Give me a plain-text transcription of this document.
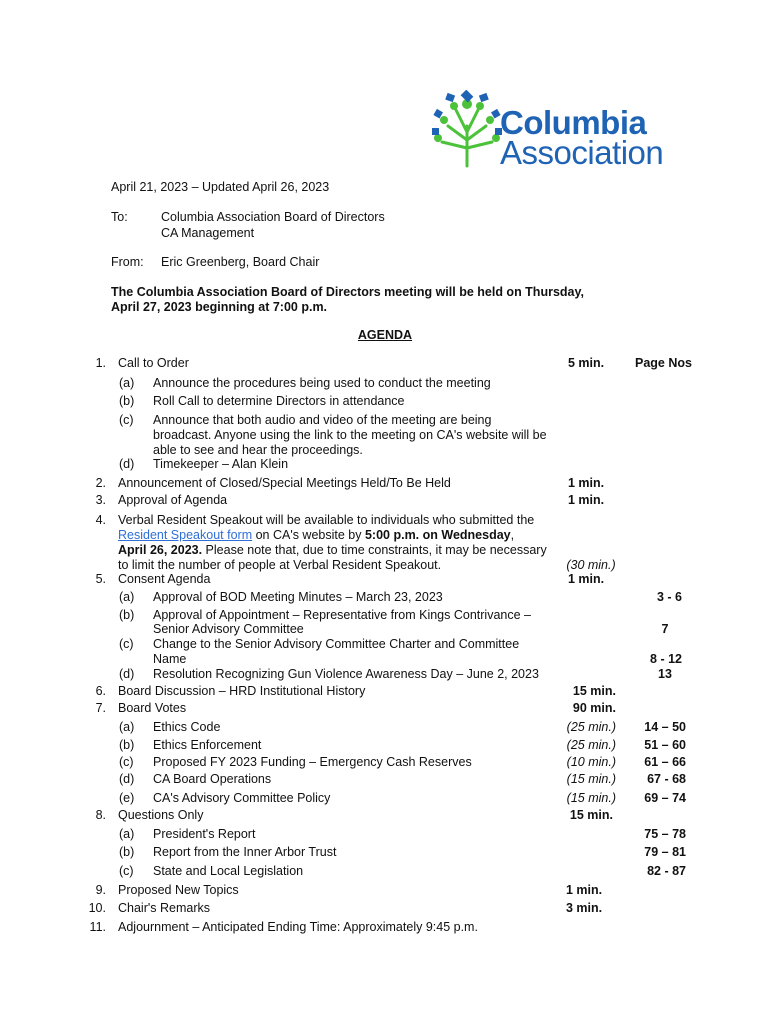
Columbia
Association
April 21, 2023 – Updated April 26, 2023
To:	Columbia Association Board of Directors
CA Management
From: Eric Greenberg, Board Chair
The Columbia Association Board of Directors meeting will be held on Thursday,
April 27, 2023 beginning at 7:00 p.m.
AGENDA
1. Call to Order	5 min.	Page Nos
(a) Announce the procedures being used to conduct the meeting
(b) Roll Call to determine Directors in attendance
(c) Announce that both audio and video of the meeting are being
broadcast. Anyone using the link to the meeting on CA's website will be
able to see and hear the proceedings.
(d) Timekeeper – Alan Klein
2. Announcement of Closed/Special Meetings Held/To Be Held	1 min.
3. Approval of Agenda	1 min.
4. Verbal Resident Speakout will be available to individuals who submitted the
Resident Speakout form on CA's website by 5:00 p.m. on Wednesday,
April 26, 2023. Please note that, due to time constraints, it may be necessary
to limit the number of people at Verbal Resident Speakout.	(30 min.)
5. Consent Agenda	1 min.
(a) Approval of BOD Meeting Minutes – March 23, 2023	3 - 6
(b) Approval of Appointment – Representative from Kings Contrivance –
Senior Advisory Committee	7
(c) Change to the Senior Advisory Committee Charter and Committee
Name	8 - 12
(d) Resolution Recognizing Gun Violence Awareness Day – June 2, 2023	13
6. Board Discussion – HRD Institutional History	15 min.
7. Board Votes	90 min.
(a) Ethics Code	(25 min.)	14 – 50
(b) Ethics Enforcement	(25 min.)	51 – 60
(c) Proposed FY 2023 Funding – Emergency Cash Reserves	(10 min.)	61 – 66
(d) CA Board Operations	(15 min.)	67 - 68
(e) CA's Advisory Committee Policy	(15 min.)	69 – 74
8. Questions Only	15 min.
(a) President's Report	75 – 78
(b) Report from the Inner Arbor Trust	79 – 81
(c) State and Local Legislation	82 - 87
9. Proposed New Topics	1 min.
10. Chair's Remarks	3 min.
11. Adjournment – Anticipated Ending Time: Approximately 9:45 p.m.
